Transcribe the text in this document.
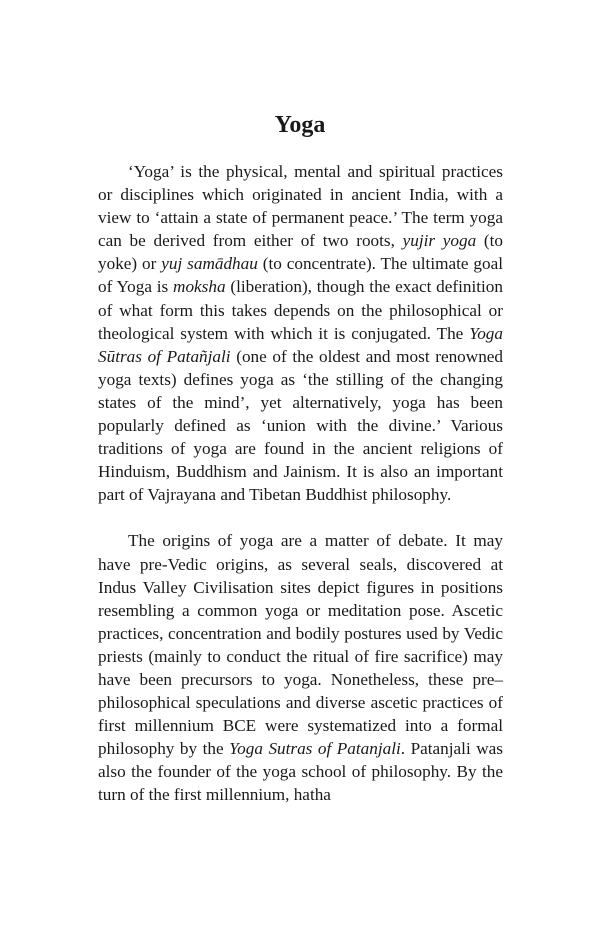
Yoga

‘Yoga’ is the physical, mental and spiritual practices or disciplines which originated in ancient India, with a view to ‘attain a state of permanent peace.’ The term yoga can be derived from either of two roots, yujir yoga (to yoke) or yuj samādhau (to concentrate). The ultimate goal of Yoga is moksha (liberation), though the exact definition of what form this takes depends on the philosophical or theological system with which it is conjugated. The Yoga Sūtras of Patañjali (one of the oldest and most renowned yoga texts) defines yoga as ‘the stilling of the changing states of the mind’, yet alternatively, yoga has been popularly defined as ‘union with the divine.’ Various traditions of yoga are found in the ancient religions of Hinduism, Buddhism and Jainism. It is also an important part of Vajrayana and Tibetan Buddhist philosophy.

The origins of yoga are a matter of debate. It may have pre-Vedic origins, as several seals, discovered at Indus Valley Civilisation sites depict figures in positions resembling a common yoga or meditation pose. Ascetic practices, concentration and bodily postures used by Vedic priests (mainly to conduct the ritual of fire sacrifice) may have been precursors to yoga. Nonetheless, these pre–philosophical speculations and diverse ascetic practices of first millennium BCE were systematized into a formal philosophy by the Yoga Sutras of Patanjali. Patanjali was also the founder of the yoga school of philosophy. By the turn of the first millennium, hatha
